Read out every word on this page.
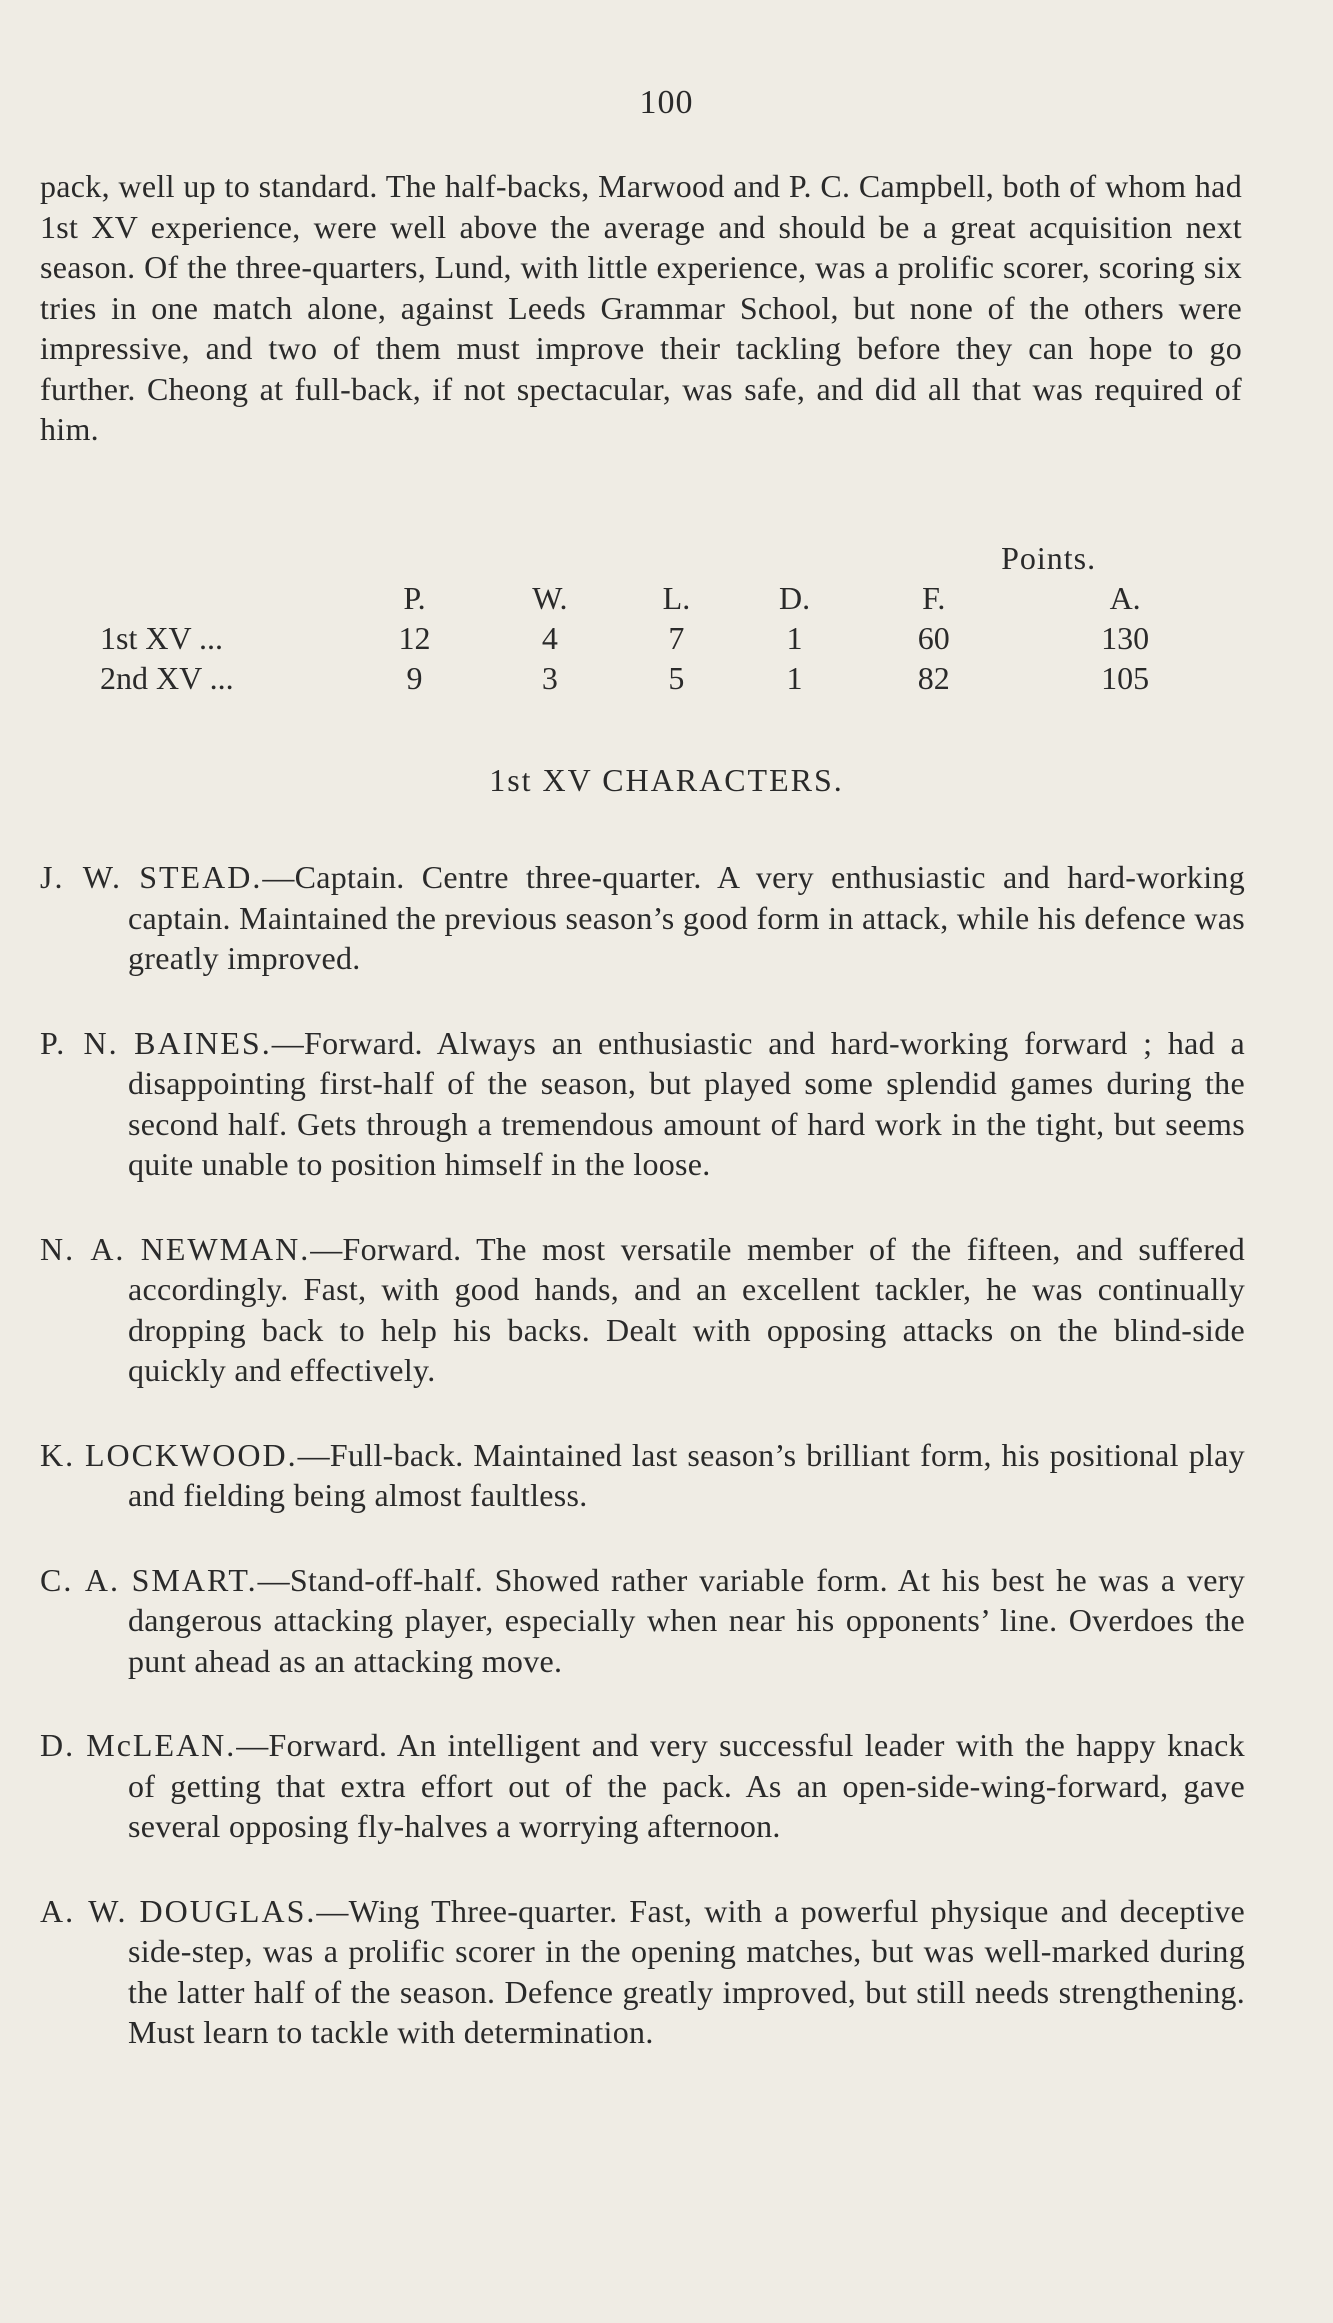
100

pack, well up to standard. The half-backs, Marwood and P. C. Campbell, both of whom had 1st XV experience, were well above the average and should be a great acquisition next season. Of the three-quarters, Lund, with little experience, was a prolific scorer, scoring six tries in one match alone, against Leeds Grammar School, but none of the others were impressive, and two of them must improve their tackling before they can hope to go further. Cheong at full-back, if not spectacular, was safe, and did all that was required of him.

					Points.	
	P.	W.	L.	D.	F.	A.
1st XV ...	12	4	7	1	60	130
2nd XV ...	9	3	5	1	82	105
1st XV CHARACTERS.

J. W. STEAD.—Captain. Centre three-quarter. A very enthusiastic and hard-working captain. Maintained the previous season’s good form in attack, while his defence was greatly improved.

P. N. BAINES.—Forward. Always an enthusiastic and hard-working forward ; had a disappointing first-half of the season, but played some splendid games during the second half. Gets through a tremendous amount of hard work in the tight, but seems quite unable to position himself in the loose.

N. A. NEWMAN.—Forward. The most versatile member of the fifteen, and suffered accordingly. Fast, with good hands, and an excellent tackler, he was continually dropping back to help his backs. Dealt with opposing attacks on the blind-side quickly and effectively.

K. LOCKWOOD.—Full-back. Maintained last season’s brilliant form, his positional play and fielding being almost faultless.

C. A. SMART.—Stand-off-half. Showed rather variable form. At his best he was a very dangerous attacking player, especially when near his opponents’ line. Overdoes the punt ahead as an attacking move.

D. McLEAN.—Forward. An intelligent and very successful leader with the happy knack of getting that extra effort out of the pack. As an open-side-wing-forward, gave several opposing fly-halves a worrying afternoon.

A. W. DOUGLAS.—Wing Three-quarter. Fast, with a powerful physique and deceptive side-step, was a prolific scorer in the opening matches, but was well-marked during the latter half of the season. Defence greatly improved, but still needs strengthening. Must learn to tackle with determination.
